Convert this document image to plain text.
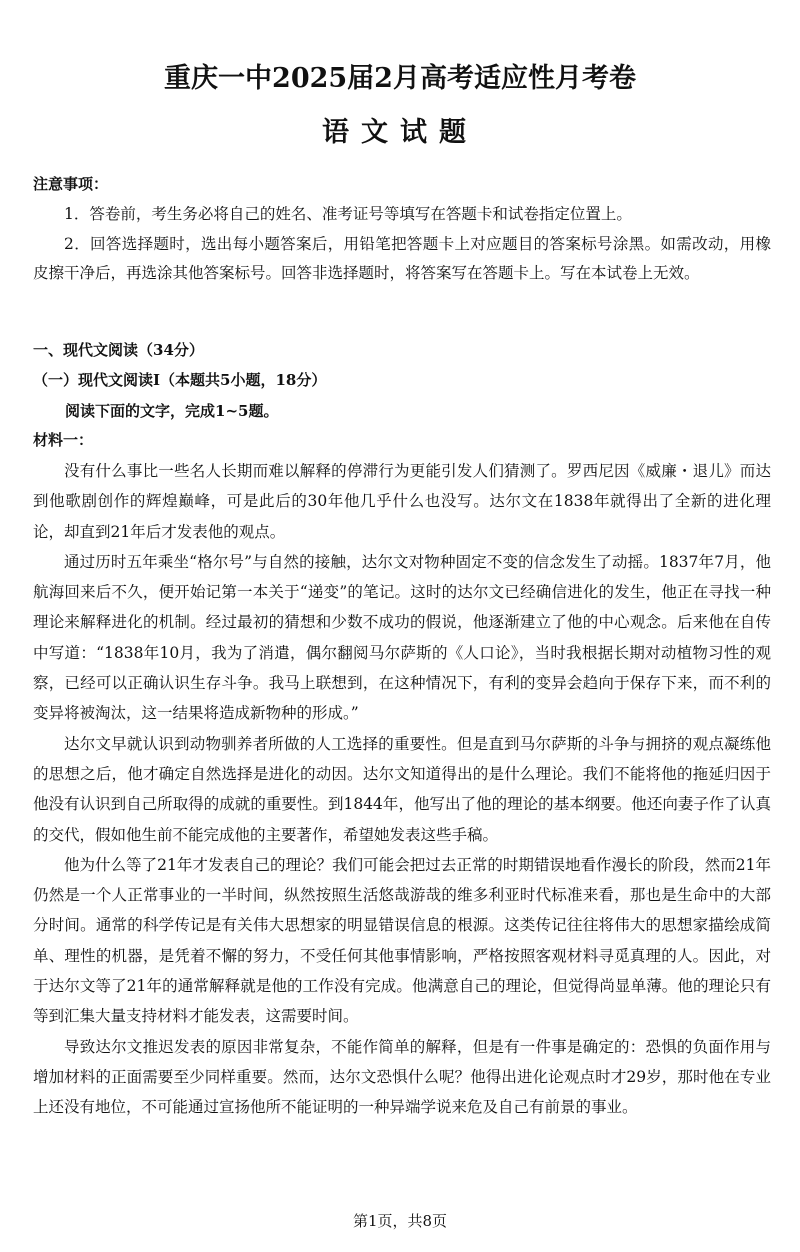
重庆一中2025届2月高考适应性月考卷
语文试题
注意事项：
1．答卷前，考生务必将自己的姓名、准考证号等填写在答题卡和试卷指定位置上。
2．回答选择题时，选出每小题答案后，用铅笔把答题卡上对应题目的答案标号涂黑。如需改动，用橡皮擦干净后，再选涂其他答案标号。回答非选择题时，将答案写在答题卡上。写在本试卷上无效。
一、现代文阅读（34分）
（一）现代文阅读Ⅰ（本题共5小题，18分）
阅读下面的文字，完成1~5题。
材料一：

没有什么事比一些名人长期而难以解释的停滞行为更能引发人们猜测了。罗西尼因《威廉・退儿》而达到他歌剧创作的辉煌巅峰，可是此后的30年他几乎什么也没写。达尔文在1838年就得出了全新的进化理论，却直到21年后才发表他的观点。

通过历时五年乘坐“格尔号”与自然的接触，达尔文对物种固定不变的信念发生了动摇。1837年7月，他航海回来后不久，便开始记第一本关于“递变”的笔记。这时的达尔文已经确信进化的发生，他正在寻找一种理论来解释进化的机制。经过最初的猜想和少数不成功的假说，他逐渐建立了他的中心观念。后来他在自传中写道：“1838年10月，我为了消遣，偶尔翻阅马尔萨斯的《人口论》，当时我根据长期对动植物习性的观察，已经可以正确认识生存斗争。我马上联想到，在这种情况下，有利的变异会趋向于保存下来，而不利的变异将被淘汰，这一结果将造成新物种的形成。”

达尔文早就认识到动物驯养者所做的人工选择的重要性。但是直到马尔萨斯的斗争与拥挤的观点凝练他的思想之后，他才确定自然选择是进化的动因。达尔文知道得出的是什么理论。我们不能将他的拖延归因于他没有认识到自己所取得的成就的重要性。到1844年，他写出了他的理论的基本纲要。他还向妻子作了认真的交代，假如他生前不能完成他的主要著作，希望她发表这些手稿。

他为什么等了21年才发表自己的理论？我们可能会把过去正常的时期错误地看作漫长的阶段，然而21年仍然是一个人正常事业的一半时间，纵然按照生活悠哉游哉的维多利亚时代标准来看，那也是生命中的大部分时间。通常的科学传记是有关伟大思想家的明显错误信息的根源。这类传记往往将伟大的思想家描绘成简单、理性的机器，是凭着不懈的努力，不受任何其他事情影响，严格按照客观材料寻觅真理的人。因此，对于达尔文等了21年的通常解释就是他的工作没有完成。他满意自己的理论，但觉得尚显单薄。他的理论只有等到汇集大量支持材料才能发表，这需要时间。

导致达尔文推迟发表的原因非常复杂，不能作简单的解释，但是有一件事是确定的：恐惧的负面作用与增加材料的正面需要至少同样重要。然而，达尔文恐惧什么呢？他得出进化论观点时才29岁，那时他在专业上还没有地位，不可能通过宣扬他所不能证明的一种异端学说来危及自己有前景的事业。

第1页，共8页
